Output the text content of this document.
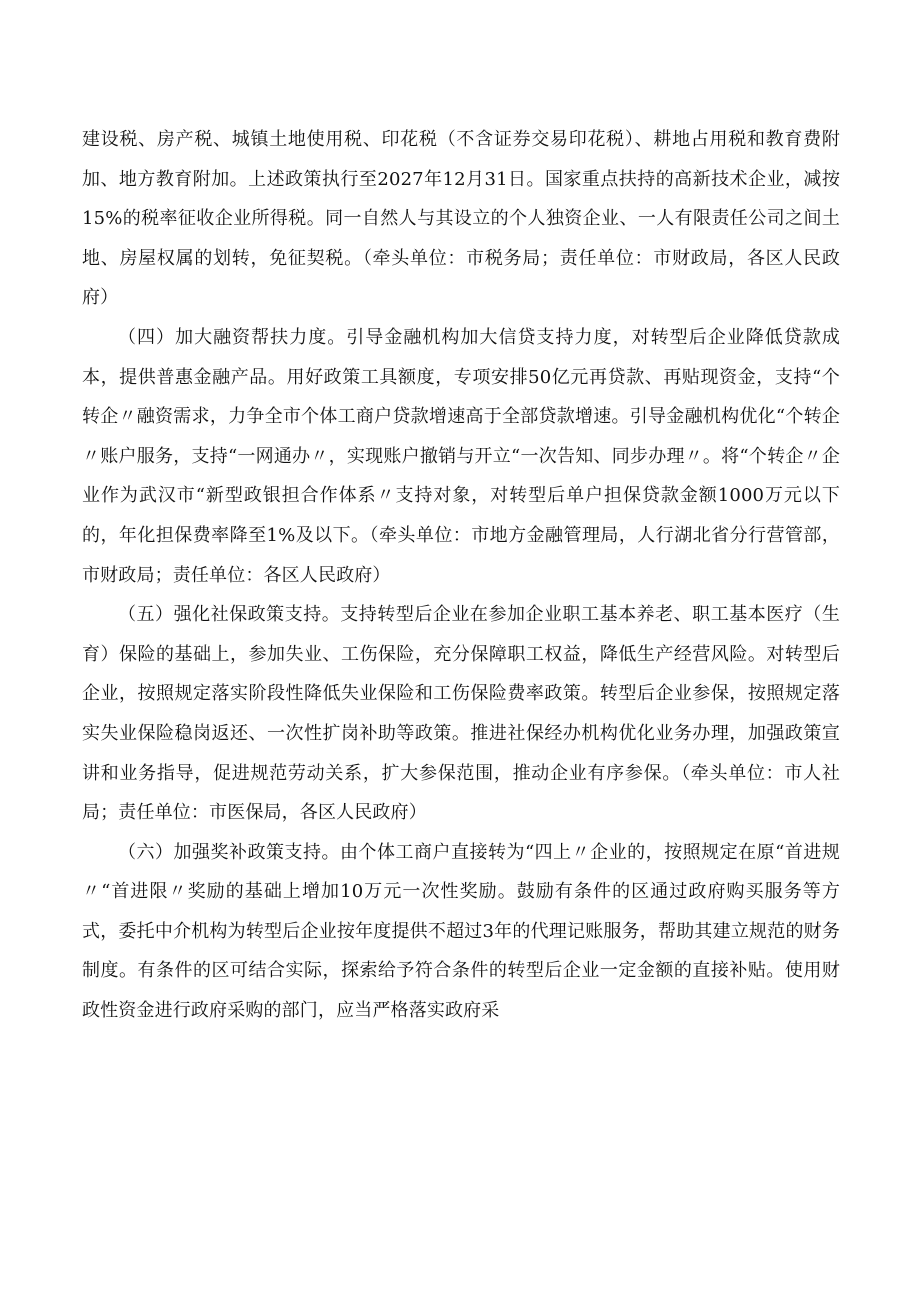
建设税、房产税、城镇土地使用税、印花税（不含证券交易印花税）、耕地占用税和教育费附加、地方教育附加。上述政策执行至2027年12月31日。国家重点扶持的高新技术企业，减按15%的税率征收企业所得税。同一自然人与其设立的个人独资企业、一人有限责任公司之间土地、房屋权属的划转，免征契税。（牵头单位：市税务局；责任单位：市财政局，各区人民政府）

（四）加大融资帮扶力度。引导金融机构加大信贷支持力度，对转型后企业降低贷款成本，提供普惠金融产品。用好政策工具额度，专项安排50亿元再贷款、再贴现资金，支持“个转企〃融资需求，力争全市个体工商户贷款增速高于全部贷款增速。引导金融机构优化“个转企〃账户服务，支持“一网通办〃，实现账户撤销与开立“一次告知、同步办理〃。将“个转企〃企业作为武汉市“新型政银担合作体系〃支持对象，对转型后单户担保贷款金额1000万元以下的，年化担保费率降至1%及以下。（牵头单位：市地方金融管理局，人行湖北省分行营管部，市财政局；责任单位：各区人民政府）

（五）强化社保政策支持。支持转型后企业在参加企业职工基本养老、职工基本医疗（生育）保险的基础上，参加失业、工伤保险，充分保障职工权益，降低生产经营风险。对转型后企业，按照规定落实阶段性降低失业保险和工伤保险费率政策。转型后企业参保，按照规定落实失业保险稳岗返还、一次性扩岗补助等政策。推进社保经办机构优化业务办理，加强政策宣讲和业务指导，促进规范劳动关系，扩大参保范围，推动企业有序参保。（牵头单位：市人社局；责任单位：市医保局，各区人民政府）

（六）加强奖补政策支持。由个体工商户直接转为“四上〃企业的，按照规定在原“首进规〃“首进限〃奖励的基础上增加10万元一次性奖励。鼓励有条件的区通过政府购买服务等方式，委托中介机构为转型后企业按年度提供不超过3年的代理记账服务，帮助其建立规范的财务制度。有条件的区可结合实际，探索给予符合条件的转型后企业一定金额的直接补贴。使用财政性资金进行政府采购的部门，应当严格落实政府采
